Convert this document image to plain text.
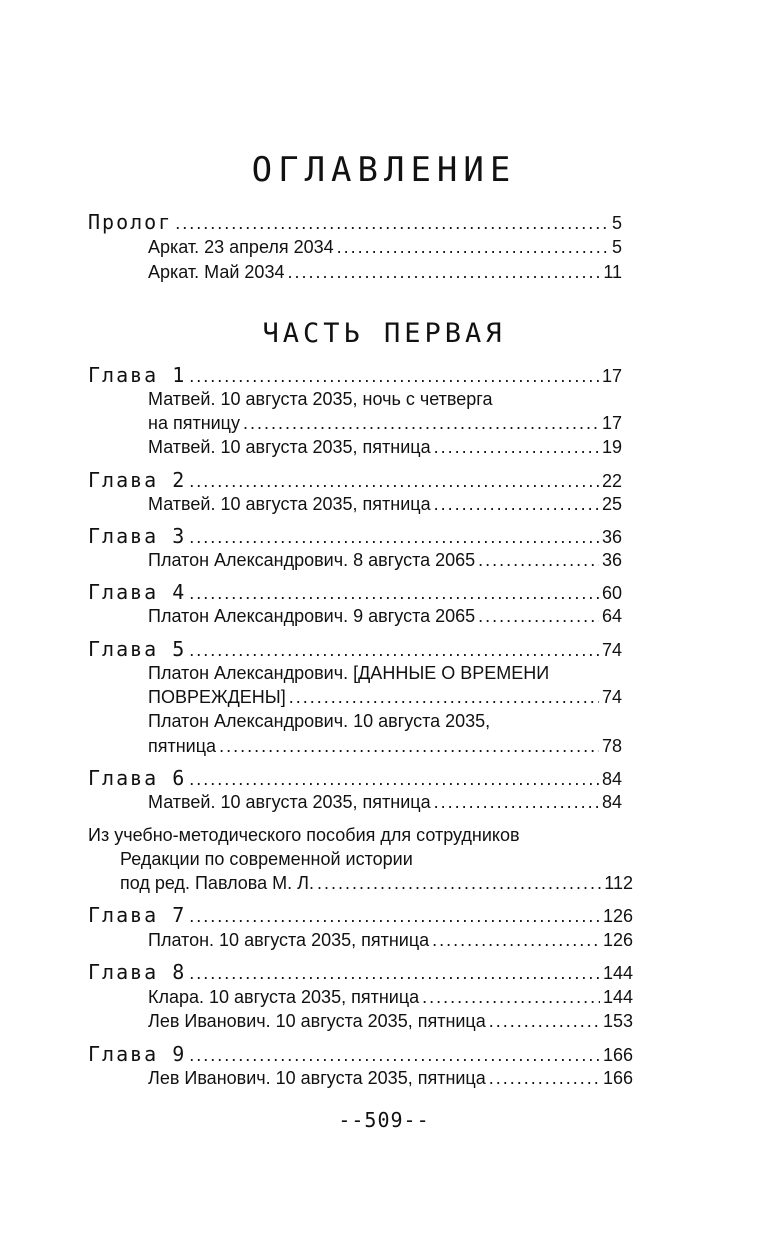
ОГЛАВЛЕНИЕ
Пролог .....	5
Аркат. 23 апреля 2034 .....	5
Аркат. Май 2034 .....	11
ЧАСТЬ ПЕРВАЯ
Глава 1 .....	17
Матвей. 10 августа 2035, ночь с четверга
на пятницу .....	17
Матвей. 10 августа 2035, пятница .....	19
Глава 2 .....	22
Матвей. 10 августа 2035, пятница .....	25
Глава 3 .....	36
Платон Александрович. 8 августа 2065 .....	36
Глава 4 .....	60
Платон Александрович. 9 августа 2065 .....	64
Глава 5 .....	74
Платон Александрович. [ДАННЫЕ О ВРЕМЕНИ
ПОВРЕЖДЕНЫ] .....	74
Платон Александрович. 10 августа 2035,
пятница .....	78
Глава 6 .....	84
Матвей. 10 августа 2035, пятница .....	84
Из учебно-методического пособия для сотрудников
Редакции по современной истории
под ред. Павлова М. Л. .....	112
Глава 7 .....	126
Платон. 10 августа 2035, пятница .....	126
Глава 8 .....	144
Клара. 10 августа 2035, пятница .....	144
Лев Иванович. 10 августа 2035, пятница .....	153
Глава 9 .....	166
Лев Иванович. 10 августа 2035, пятница .....	166
--509--
